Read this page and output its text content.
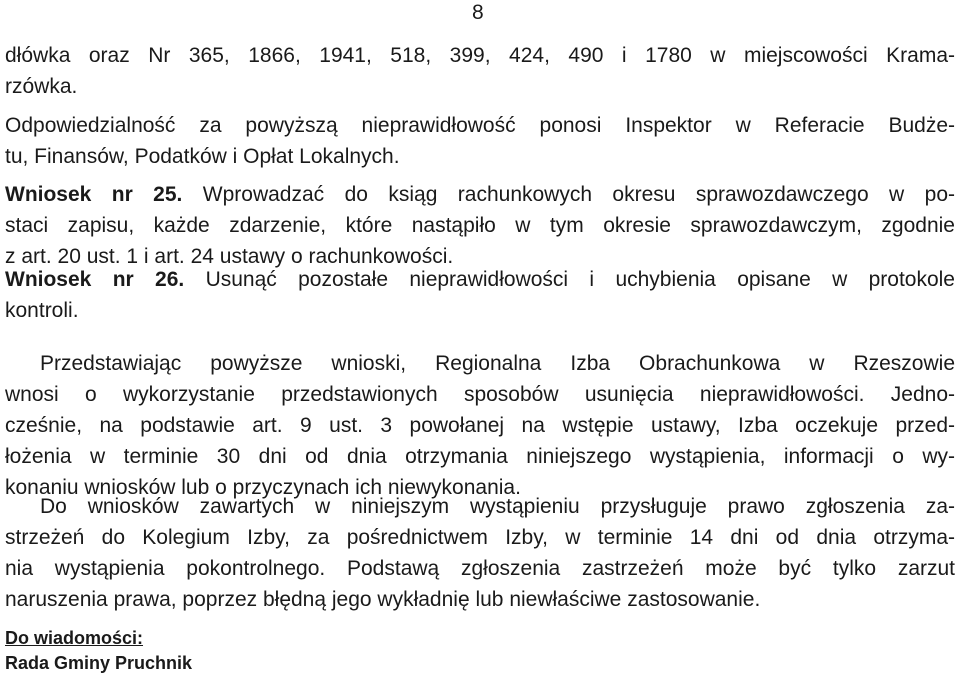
8
dłówka oraz Nr 365, 1866, 1941, 518, 399, 424, 490 i 1780 w miejscowości Krama-
rzówka.
Odpowiedzialność za powyższą nieprawidłowość ponosi Inspektor w Referacie Budże-
tu, Finansów, Podatków i Opłat Lokalnych.
Wniosek nr 25. Wprowadzać do ksiąg rachunkowych okresu sprawozdawczego w po-
staci zapisu, każde zdarzenie, które nastąpiło w tym okresie sprawozdawczym, zgodnie
z art. 20 ust. 1 i art. 24 ustawy o rachunkowości.
Wniosek nr 26. Usunąć pozostałe nieprawidłowości i uchybienia opisane w protokole
kontroli.
Przedstawiając powyższe wnioski, Regionalna Izba Obrachunkowa w Rzeszowie
wnosi o wykorzystanie przedstawionych sposobów usunięcia nieprawidłowości. Jedno-
cześnie, na podstawie art. 9 ust. 3 powołanej na wstępie ustawy, Izba oczekuje przed-
łożenia w terminie 30 dni od dnia otrzymania niniejszego wystąpienia, informacji o wy-
konaniu wniosków lub o przyczynach ich niewykonania.
Do wniosków zawartych w niniejszym wystąpieniu przysługuje prawo zgłoszenia za-
strzeżeń do Kolegium Izby, za pośrednictwem Izby, w terminie 14 dni od dnia otrzyma-
nia wystąpienia pokontrolnego. Podstawą zgłoszenia zastrzeżeń może być tylko zarzut
naruszenia prawa, poprzez błędną jego wykładnię lub niewłaściwe zastosowanie.
Do wiadomości:
Rada Gminy Pruchnik
